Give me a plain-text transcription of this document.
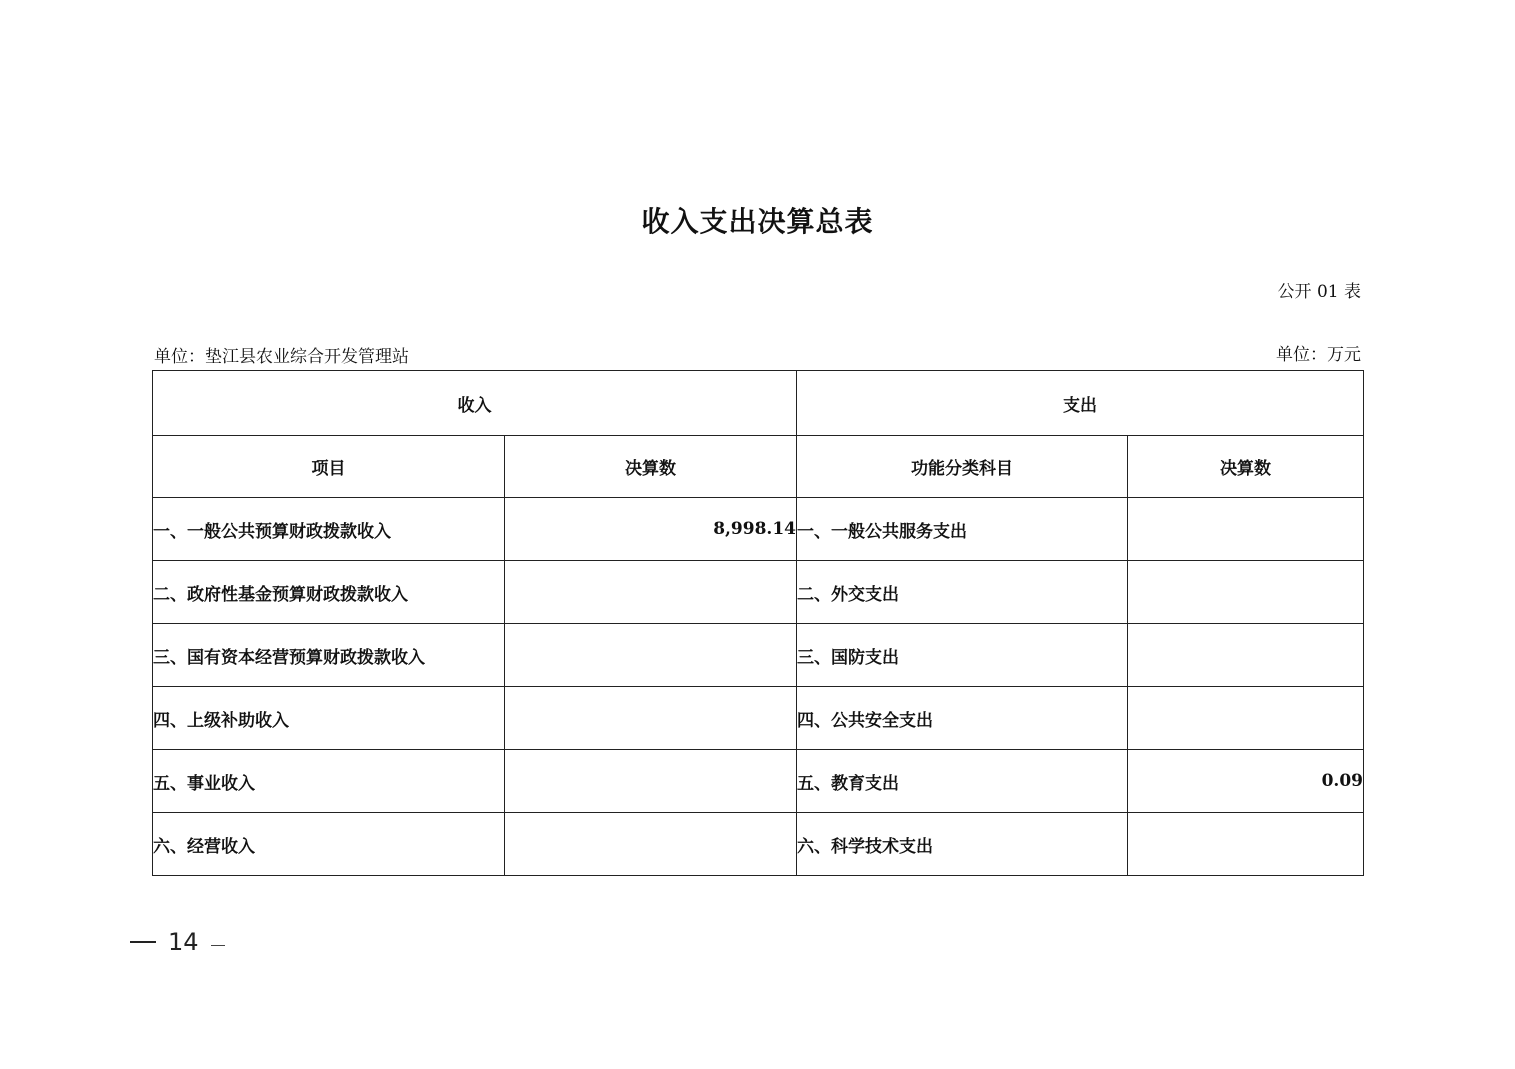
收入支出决算总表
公开 01 表
单位：垫江县农业综合开发管理站	单位：万元
收入		支出	
项目	决算数	功能分类科目	决算数
一、一般公共预算财政拨款收入	8,998.14	一、一般公共服务支出	
二、政府性基金预算财政拨款收入		二、外交支出	
三、国有资本经营预算财政拨款收入		三、国防支出	
四、上级补助收入		四、公共安全支出	
五、事业收入		五、教育支出	0.09
六、经营收入		六、科学技术支出	
14
